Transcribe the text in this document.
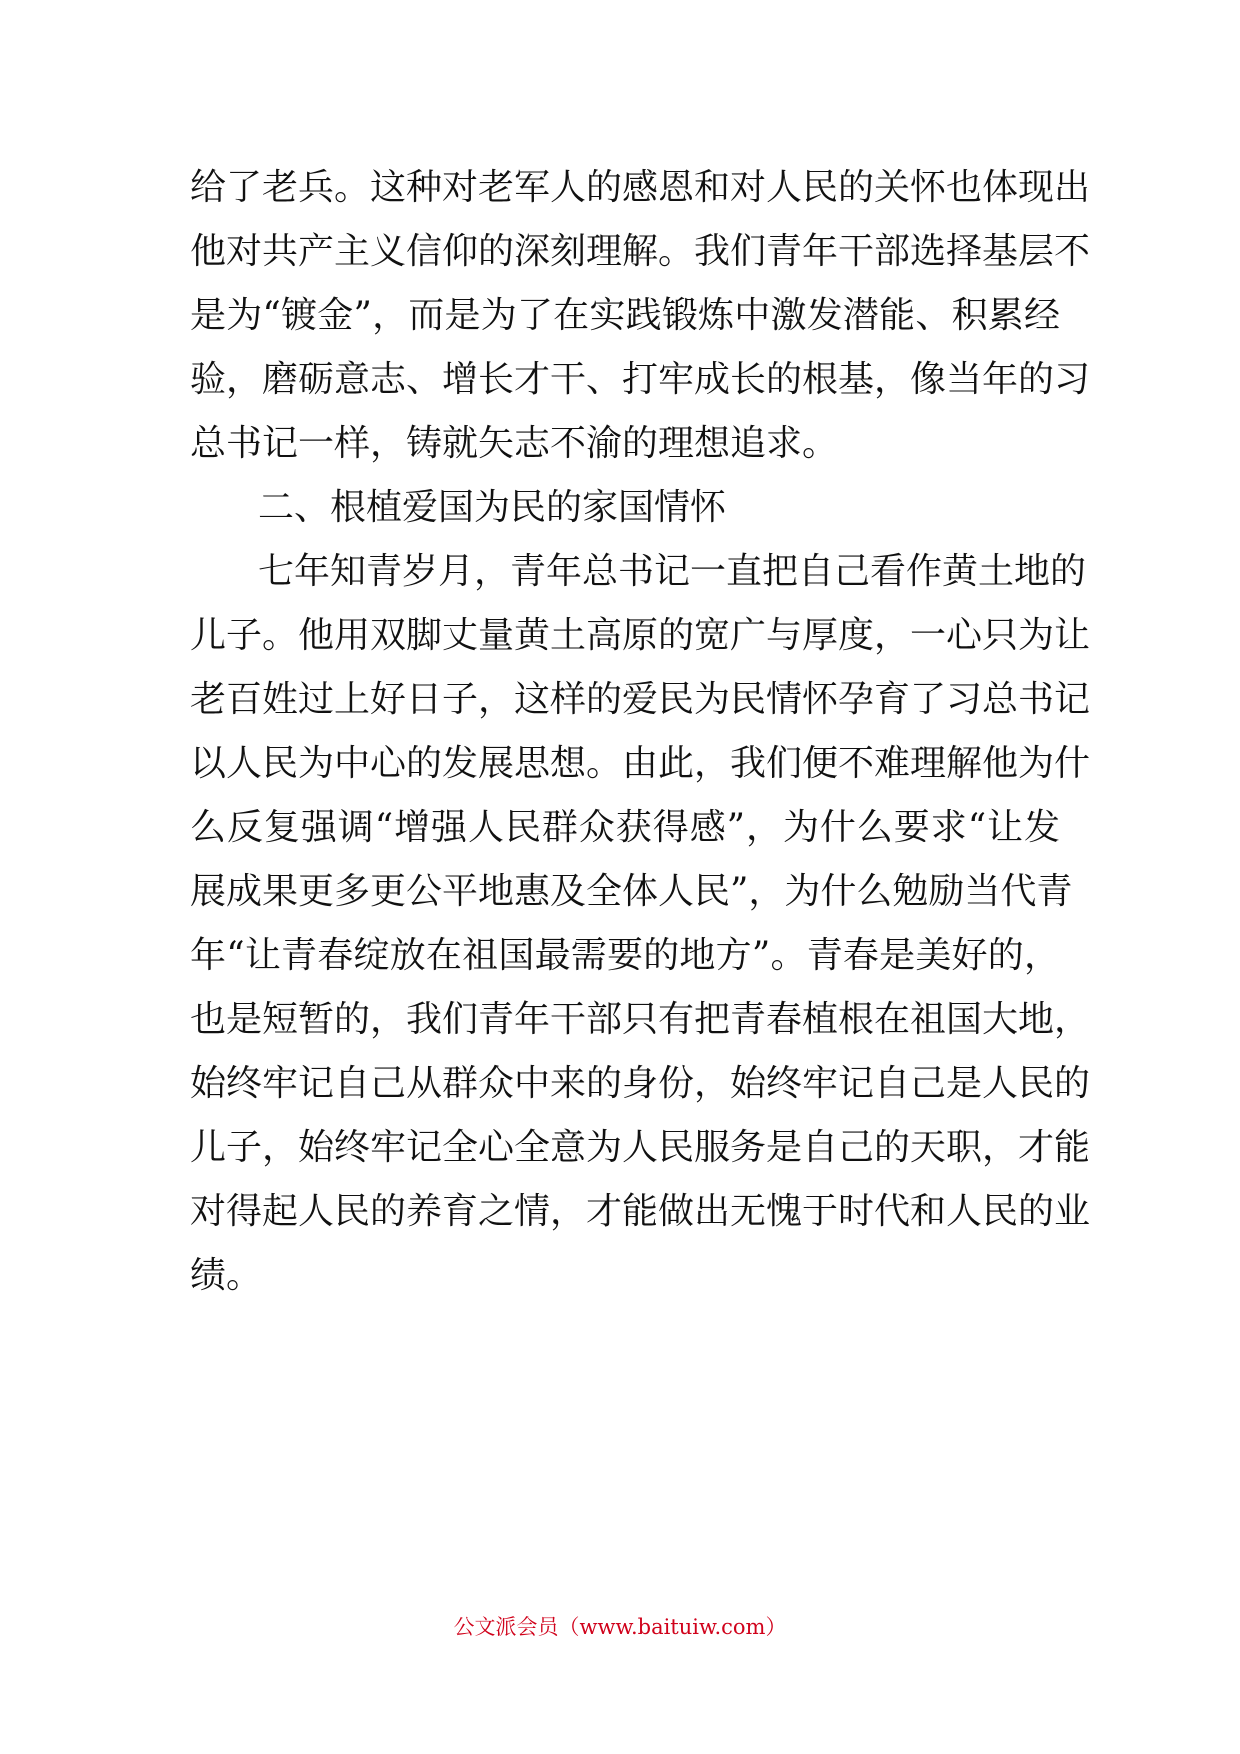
给了老兵。这种对老军人的感恩和对人民的关怀也体现出
他对共产主义信仰的深刻理解。我们青年干部选择基层不
是为“镀金”，而是为了在实践锻炼中激发潜能、积累经
验，磨砺意志、增长才干、打牢成长的根基，像当年的习
总书记一样，铸就矢志不渝的理想追求。
二、根植爱国为民的家国情怀
七年知青岁月，青年总书记一直把自己看作黄土地的
儿子。他用双脚丈量黄土高原的宽广与厚度，一心只为让
老百姓过上好日子，这样的爱民为民情怀孕育了习总书记
以人民为中心的发展思想。由此，我们便不难理解他为什
么反复强调“增强人民群众获得感”，为什么要求“让发
展成果更多更公平地惠及全体人民”，为什么勉励当代青
年“让青春绽放在祖国最需要的地方”。青春是美好的，
也是短暂的，我们青年干部只有把青春植根在祖国大地，
始终牢记自己从群众中来的身份，始终牢记自己是人民的
儿子，始终牢记全心全意为人民服务是自己的天职，才能
对得起人民的养育之情，才能做出无愧于时代和人民的业
绩。
公文派会员（www.baituiw.com）
